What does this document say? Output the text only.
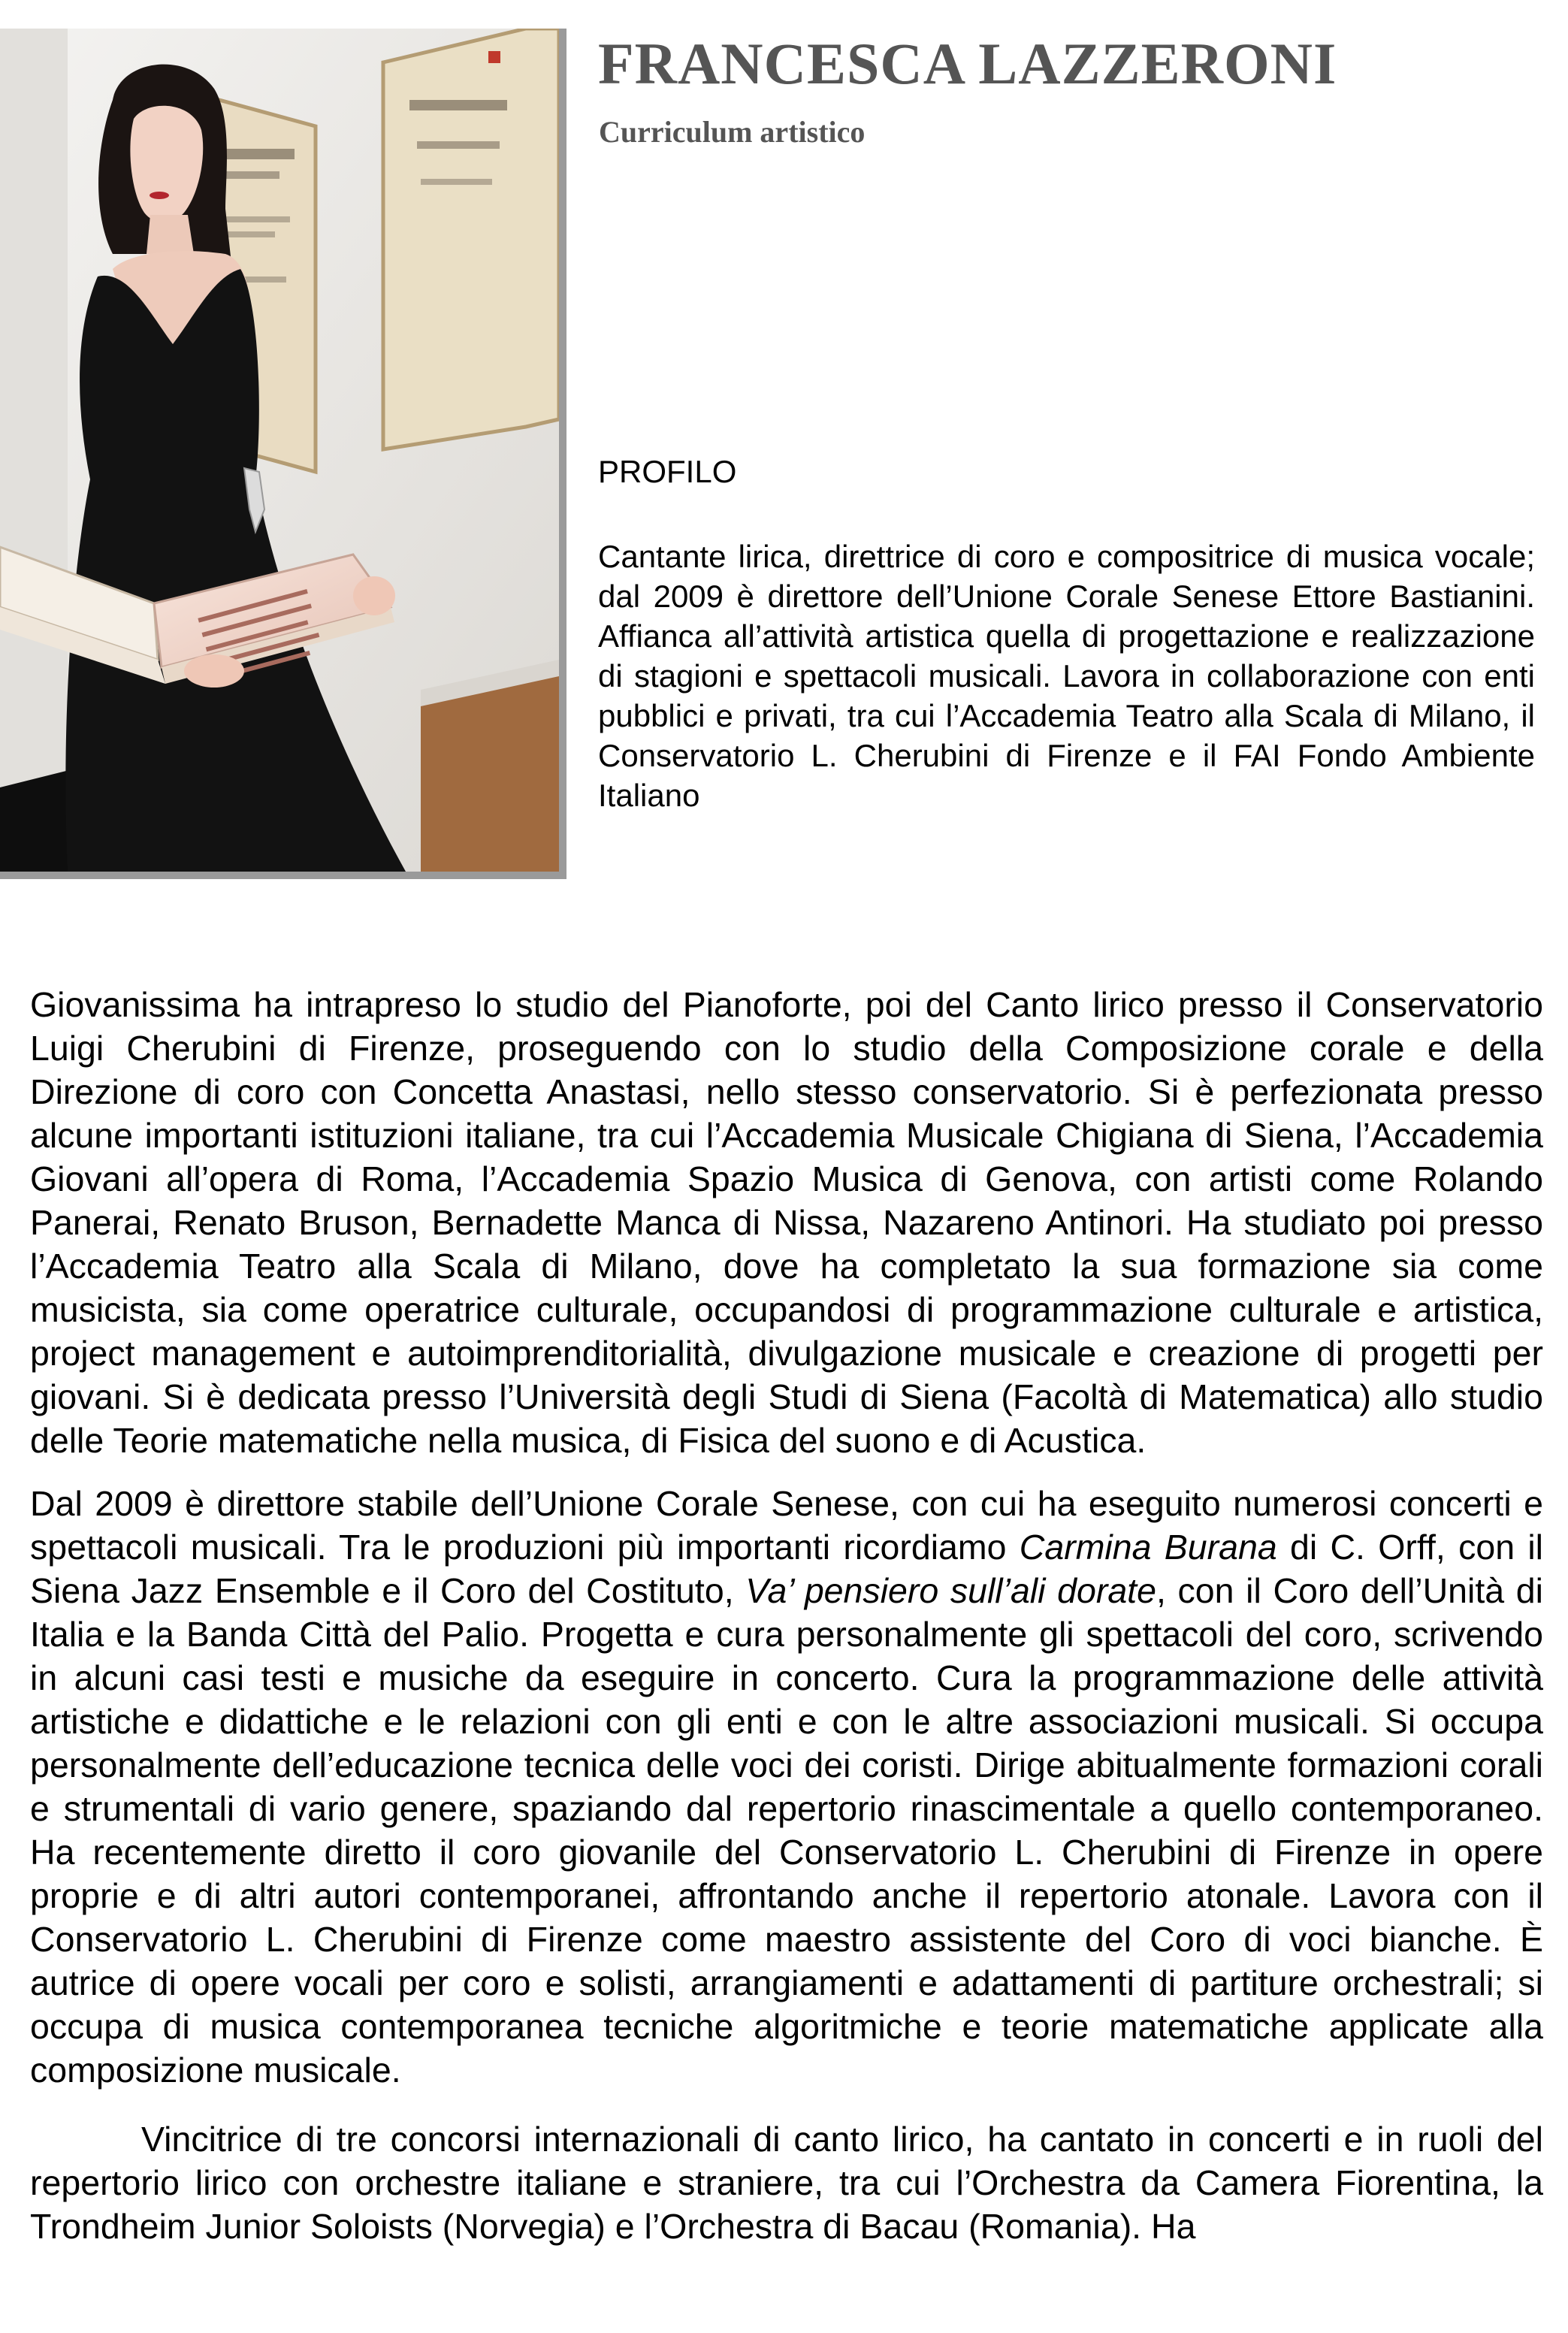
FRANCESCA LAZZERONI
Curriculum artistico
PROFILO

Cantante lirica, direttrice di coro e compositrice di musica vocale; dal 2009 è direttore dell’Unione Corale Senese Ettore Bastianini. Affianca all’attività artistica quella di progettazione e realizzazione di stagioni e spettacoli musicali. Lavora in collaborazione con enti pubblici e privati, tra cui l’Accademia Teatro alla Scala di Milano, il Conservatorio L. Cherubini di Firenze e il FAI Fondo Ambiente Italiano

Giovanissima ha intrapreso lo studio del Pianoforte, poi del Canto lirico presso il Conservatorio Luigi Cherubini di Firenze, proseguendo con lo studio della Composizione corale e della Direzione di coro con Concetta Anastasi, nello stesso conservatorio. Si è perfezionata presso alcune importanti istituzioni italiane, tra cui l’Accademia Musicale Chigiana di Siena, l’Accademia Giovani all’opera di Roma, l’Accademia Spazio Musica di Genova, con artisti come Rolando Panerai, Renato Bruson, Bernadette Manca di Nissa, Nazareno Antinori. Ha studiato poi presso l’Accademia Teatro alla Scala di Milano, dove ha completato la sua formazione sia come musicista, sia come operatrice culturale, occupandosi di programmazione culturale e artistica, project management e autoimprenditorialità, divulgazione musicale e creazione di progetti per giovani. Si è dedicata presso l’Università degli Studi di Siena (Facoltà di Matematica) allo studio delle Teorie matematiche nella musica, di Fisica del suono e di Acustica.

Dal 2009 è direttore stabile dell’Unione Corale Senese, con cui ha eseguito numerosi concerti e spettacoli musicali. Tra le produzioni più importanti ricordiamo Carmina Burana di C. Orff, con il Siena Jazz Ensemble e il Coro del Costituto, Va’ pensiero sull’ali dorate, con il Coro dell’Unità di Italia e la Banda Città del Palio. Progetta e cura personalmente gli spettacoli del coro, scrivendo in alcuni casi testi e musiche da eseguire in concerto. Cura la programmazione delle attività artistiche e didattiche e le relazioni con gli enti e con le altre associazioni musicali. Si occupa personalmente dell’educazione tecnica delle voci dei coristi. Dirige abitualmente formazioni corali e strumentali di vario genere, spaziando dal repertorio rinascimentale a quello contemporaneo. Ha recentemente diretto il coro giovanile del Conservatorio L. Cherubini di Firenze in opere proprie e di altri autori contemporanei, affrontando anche il repertorio atonale. Lavora con il Conservatorio L. Cherubini di Firenze come maestro assistente del Coro di voci bianche. È autrice di opere vocali per coro e solisti, arrangiamenti e adattamenti di partiture orchestrali; si occupa di musica contemporanea tecniche algoritmiche e teorie matematiche applicate alla composizione musicale.

Vincitrice di tre concorsi internazionali di canto lirico, ha cantato in concerti e in ruoli del repertorio lirico con orchestre italiane e straniere, tra cui l’Orchestra da Camera Fiorentina, la Trondheim Junior Soloists (Norvegia) e l’Orchestra di Bacau (Romania). Ha
